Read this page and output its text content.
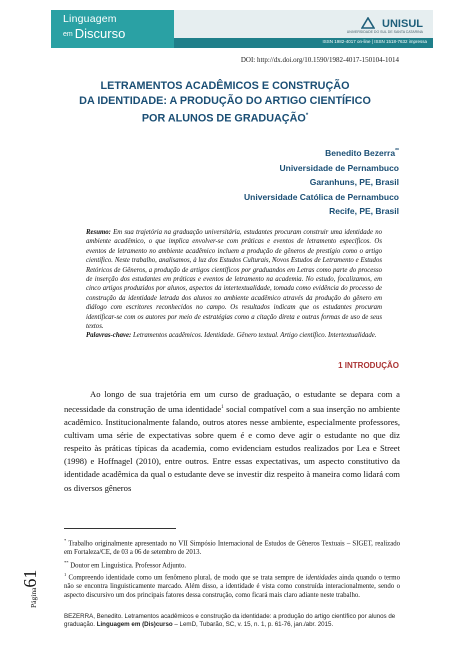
Linguagem
em Discurso
UNISUL
UNIVERSIDADE DO SUL DE SANTA CATARINA
ISSN 1982-4017 on-line | ISSN 1518-7632 impressa
DOI: http://dx.doi.org/10.1590/1982-4017-150104-1014
LETRAMENTOS ACADÊMICOS E CONSTRUÇÃO
DA IDENTIDADE: A PRODUÇÃO DO ARTIGO CIENTÍFICO
POR ALUNOS DE GRADUAÇÃO*
Benedito Bezerra**
Universidade de Pernambuco
Garanhuns, PE, Brasil
Universidade Católica de Pernambuco
Recife, PE, Brasil
Resumo: Em sua trajetória na graduação universitária, estudantes procuram construir uma identidade no ambiente acadêmico, o que implica envolver-se com práticas e eventos de letramento específicos. Os eventos de letramento no ambiente acadêmico incluem a produção de gêneros de prestígio como o artigo científico. Neste trabalho, analisamos, à luz dos Estudos Culturais, Novos Estudos de Letramento e Estudos Retóricos de Gêneros, a produção de artigos científicos por graduandos em Letras como parte do processo de inserção dos estudantes em práticas e eventos de letramento na academia. No estudo, focalizamos, em cinco artigos produzidos por alunos, aspectos da intertextualidade, tomada como evidência do processo de construção da identidade letrada dos alunos no ambiente acadêmico através da produção do gênero em diálogo com escritores reconhecidos no campo. Os resultados indicam que os estudantes procuram identificar-se com os autores por meio de estratégias como a citação direta e outras formas de uso de seus textos.
Palavras-chave: Letramentos acadêmicos. Identidade. Gênero textual. Artigo científico. Intertextualidade.
1 INTRODUÇÃO

Ao longo de sua trajetória em um curso de graduação, o estudante se depara com a necessidade da construção de uma identidade$^1$ social compatível com a sua inserção no ambiente acadêmico. Institucionalmente falando, outros atores nesse ambiente, especialmente professores, cultivam uma série de expectativas sobre quem é e como deve agir o estudante no que diz respeito às práticas típicas da academia, como evidenciam estudos realizados por Lea e Street (1998) e Hoffnagel (2010), entre outros. Entre essas expectativas, um aspecto constitutivo da identidade acadêmica da qual o estudante deve se investir diz respeito à maneira como lidará com os diversos gêneros

* Trabalho originalmente apresentado no VII Simpósio Internacional de Estudos de Gêneros Textuais – SIGET, realizado em Fortaleza/CE, de 03 a 06 de setembro de 2013.
** Doutor em Linguística. Professor Adjunto.
$^1$ Compreendo identidade como um fenômeno plural, de modo que se trata sempre de identidades ainda quando o termo não se encontra linguisticamente marcado. Além disso, a identidade é vista como construída interacionalmente, sendo o aspecto discursivo um dos principais fatores dessa construção, como ficará mais claro adiante neste trabalho.
Página61
BEZERRA, Benedito. Letramentos acadêmicos e construção da identidade: a produção do artigo científico por alunos de graduação. Linguagem em (Dis)curso – LemD, Tubarão, SC, v. 15, n. 1, p. 61-76, jan./abr. 2015.
